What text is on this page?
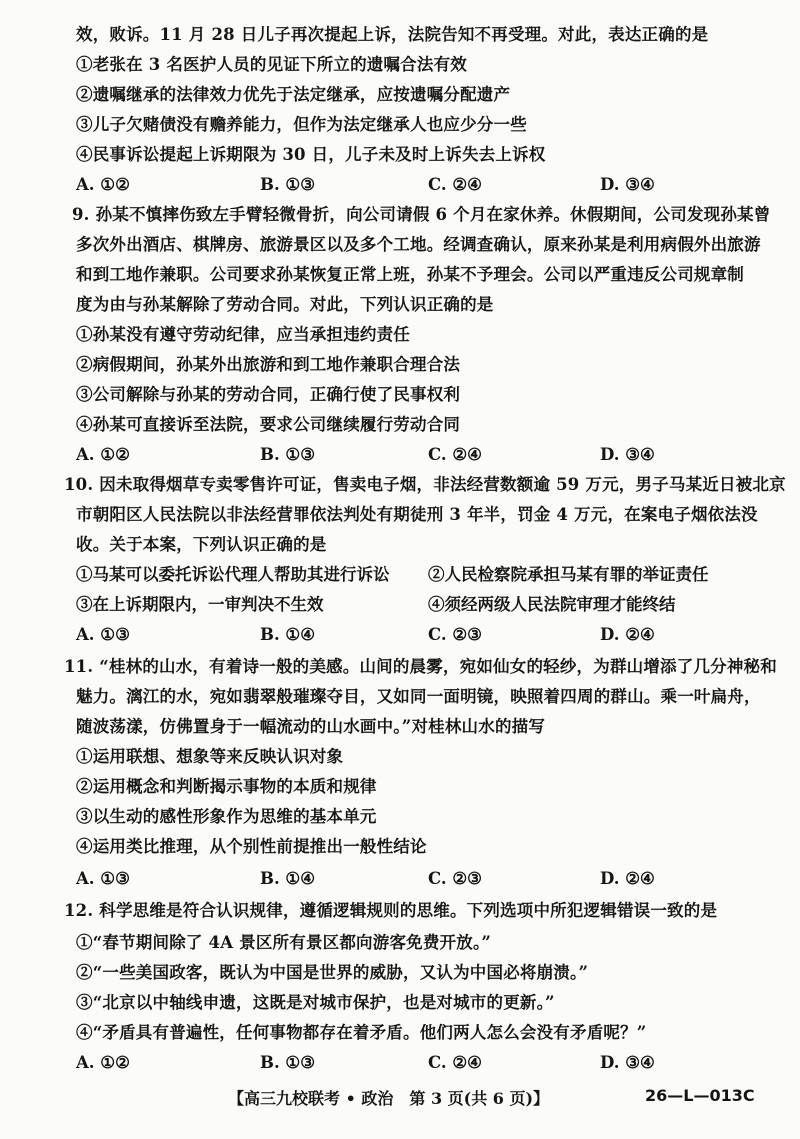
效，败诉。11 月 28 日儿子再次提起上诉，法院告知不再受理。对此，表达正确的是
①老张在 3 名医护人员的见证下所立的遗嘱合法有效
②遗嘱继承的法律效力优先于法定继承，应按遗嘱分配遗产
③儿子欠赌债没有赡养能力，但作为法定继承人也应少分一些
④民事诉讼提起上诉期限为 30 日，儿子未及时上诉失去上诉权
A. ①②	B. ①③	C. ②④	D. ③④
9. 孙某不慎摔伤致左手臂轻微骨折，向公司请假 6 个月在家休养。休假期间，公司发现孙某曾
多次外出酒店、棋牌房、旅游景区以及多个工地。经调查确认，原来孙某是利用病假外出旅游
和到工地作兼职。公司要求孙某恢复正常上班，孙某不予理会。公司以严重违反公司规章制
度为由与孙某解除了劳动合同。对此，下列认识正确的是
①孙某没有遵守劳动纪律，应当承担违约责任
②病假期间，孙某外出旅游和到工地作兼职合理合法
③公司解除与孙某的劳动合同，正确行使了民事权利
④孙某可直接诉至法院，要求公司继续履行劳动合同
A. ①②	B. ①③	C. ②④	D. ③④
10. 因未取得烟草专卖零售许可证，售卖电子烟，非法经营数额逾 59 万元，男子马某近日被北京
市朝阳区人民法院以非法经营罪依法判处有期徒刑 3 年半，罚金 4 万元，在案电子烟依法没
收。关于本案，下列认识正确的是
①马某可以委托诉讼代理人帮助其进行诉讼 ②人民检察院承担马某有罪的举证责任
③在上诉期限内，一审判决不生效	④须经两级人民法院审理才能终结
A. ①③	B. ①④	C. ②③	D. ②④
11. “桂林的山水，有着诗一般的美感。山间的晨雾，宛如仙女的轻纱，为群山增添了几分神秘和
魅力。漓江的水，宛如翡翠般璀璨夺目，又如同一面明镜，映照着四周的群山。乘一叶扁舟，
随波荡漾，仿佛置身于一幅流动的山水画中。”对桂林山水的描写
①运用联想、想象等来反映认识对象
②运用概念和判断揭示事物的本质和规律
③以生动的感性形象作为思维的基本单元
④运用类比推理，从个别性前提推出一般性结论
A. ①③	B. ①④	C. ②③	D. ②④
12. 科学思维是符合认识规律，遵循逻辑规则的思维。下列选项中所犯逻辑错误一致的是
①“春节期间除了 4A 景区所有景区都向游客免费开放。”
②“一些美国政客，既认为中国是世界的威胁，又认为中国必将崩溃。”
③“北京以中轴线申遗，这既是对城市保护，也是对城市的更新。”
④“矛盾具有普遍性，任何事物都存在着矛盾。他们两人怎么会没有矛盾呢？”
A. ①②	B. ①③	C. ②④	D. ③④
【高三九校联考 • 政治　第 3 页(共 6 页)】	26—L—013C
